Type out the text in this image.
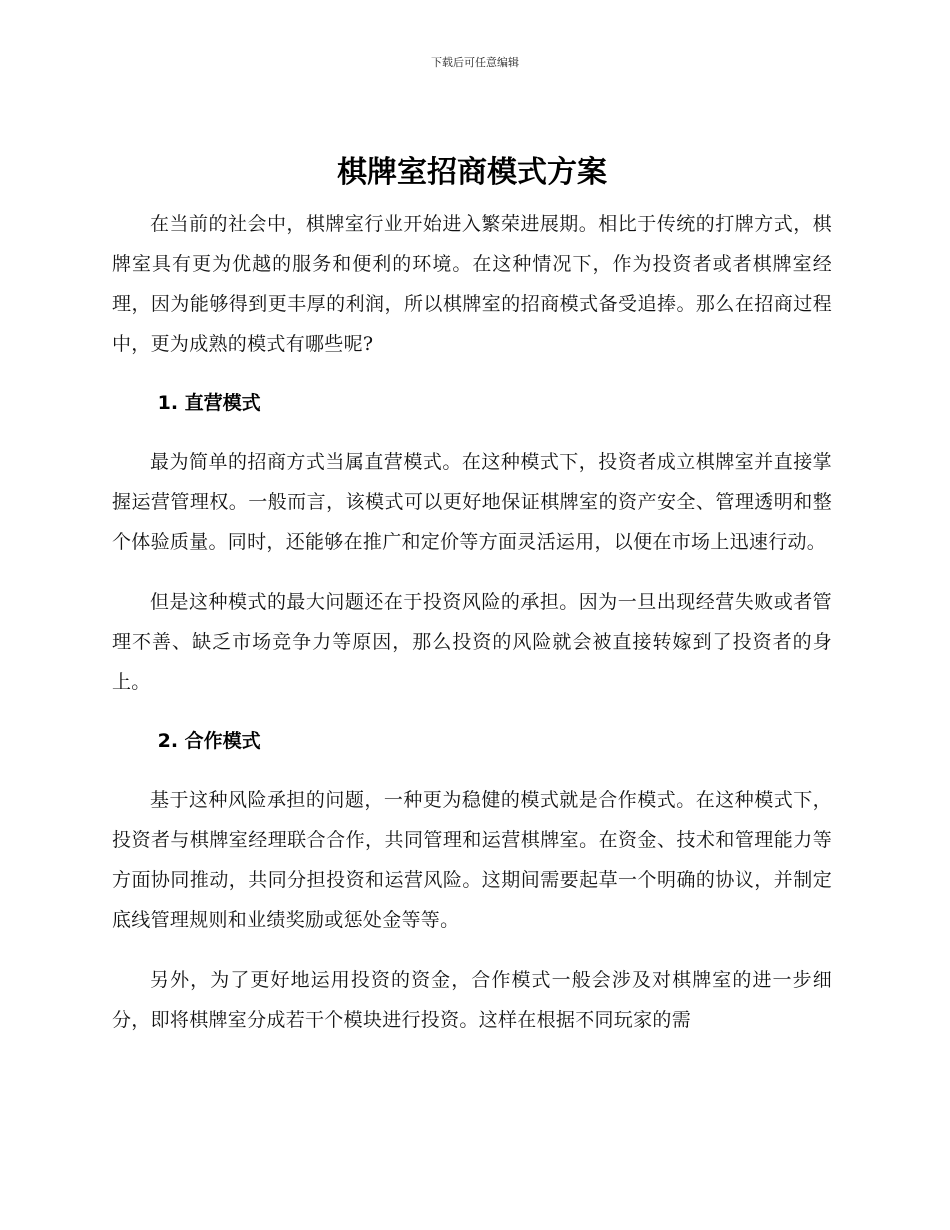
下载后可任意编辑
棋牌室招商模式方案

在当前的社会中，棋牌室行业开始进入繁荣进展期。相比于传统的打牌方式，棋牌室具有更为优越的服务和便利的环境。在这种情况下，作为投资者或者棋牌室经理，因为能够得到更丰厚的利润，所以棋牌室的招商模式备受追捧。那么在招商过程中，更为成熟的模式有哪些呢?

1. 直营模式

最为简单的招商方式当属直营模式。在这种模式下，投资者成立棋牌室并直接掌握运营管理权。一般而言，该模式可以更好地保证棋牌室的资产安全、管理透明和整个体验质量。同时，还能够在推广和定价等方面灵活运用，以便在市场上迅速行动。

但是这种模式的最大问题还在于投资风险的承担。因为一旦出现经营失败或者管理不善、缺乏市场竞争力等原因，那么投资的风险就会被直接转嫁到了投资者的身上。

2. 合作模式

基于这种风险承担的问题，一种更为稳健的模式就是合作模式。在这种模式下，投资者与棋牌室经理联合合作，共同管理和运营棋牌室。在资金、技术和管理能力等方面协同推动，共同分担投资和运营风险。这期间需要起草一个明确的协议，并制定底线管理规则和业绩奖励或惩处金等等。

另外，为了更好地运用投资的资金，合作模式一般会涉及对棋牌室的进一步细分，即将棋牌室分成若干个模块进行投资。这样在根据不同玩家的需
